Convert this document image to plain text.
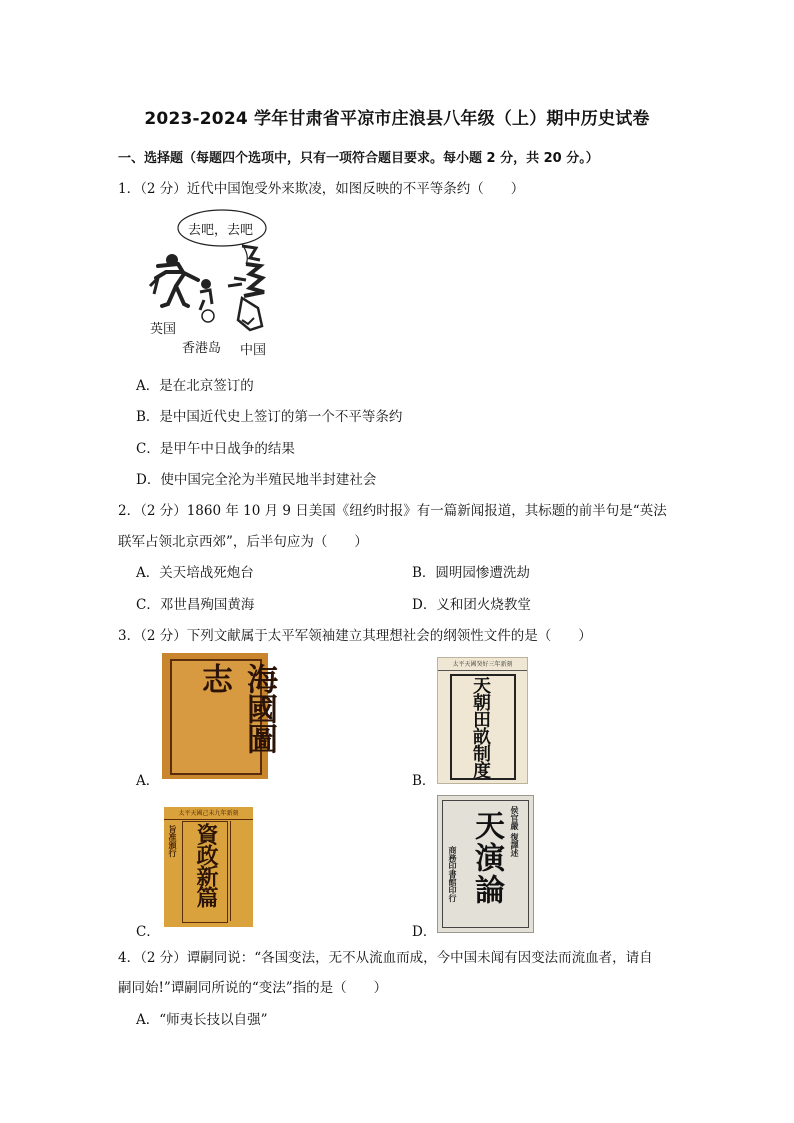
2023-2024 学年甘肃省平凉市庄浪县八年级（上）期中历史试卷
一、选择题（每题四个选项中，只有一项符合题目要求。每小题 2 分，共 20 分。）
1．（2 分）近代中国饱受外来欺凌，如图反映的不平等条约（　　）
去吧，去吧
英国
香港岛 中国
A．是在北京签订的
B．是中国近代史上签订的第一个不平等条约
C．是甲午中日战争的结果
D．使中国完全沦为半殖民地半封建社会
2．（2 分）1860 年 10 月 9 日美国《纽约时报》有一篇新闻报道，其标题的前半句是“英法
联军占领北京西郊”，后半句应为（　　）
A．关天培战死炮台	B．圆明园惨遭洗劫
C．邓世昌殉国黄海	D．义和团火烧教堂
3．（2 分）下列文献属于太平军领袖建立其理想社会的纲领性文件的是（　　）
海國圖志
A．
太平天國癸好三年新刻
天朝田畝制度
B．
太平天國己未九年新刻
旨准頒行 資政新篇
C．
侯官嚴 復譯述
天演論
商務印書館印行
D．
4．（2 分）谭嗣同说：“各国变法，无不从流血而成，今中国未闻有因变法而流血者，请自
嗣同始!”谭嗣同所说的“变法”指的是（　　）
A．“师夷长技以自强”
